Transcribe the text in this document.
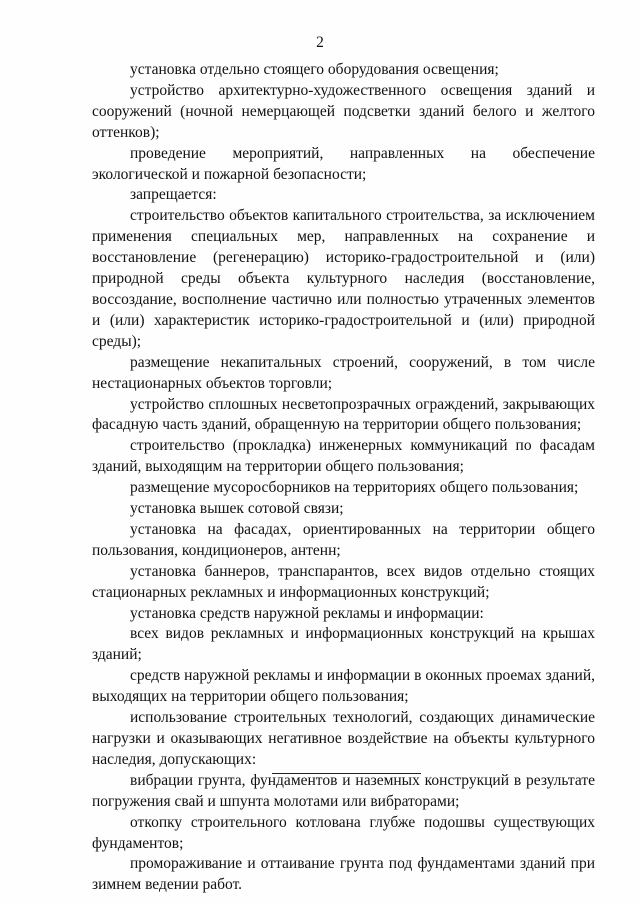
2

установка отдельно стоящего оборудования освещения;

устройство архитектурно-художественного освещения зданий и сооружений (ночной немерцающей подсветки зданий белого и желтого оттенков);

проведение мероприятий, направленных на обеспечение экологической и пожарной безопасности;

запрещается:

строительство объектов капитального строительства, за исключением применения специальных мер, направленных на сохранение и восстановление (регенерацию) историко-градостроительной и (или) природной среды объекта культурного наследия (восстановление, воссоздание, восполнение частично или полностью утраченных элементов и (или) характеристик историко-градостроительной и (или) природной среды);

размещение некапитальных строений, сооружений, в том числе нестационарных объектов торговли;

устройство сплошных несветопрозрачных ограждений, закрывающих фасадную часть зданий, обращенную на территории общего пользования;

строительство (прокладка) инженерных коммуникаций по фасадам зданий, выходящим на территории общего пользования;

размещение мусоросборников на территориях общего пользования;

установка вышек сотовой связи;

установка на фасадах, ориентированных на территории общего пользования, кондиционеров, антенн;

установка баннеров, транспарантов, всех видов отдельно стоящих стационарных рекламных и информационных конструкций;

установка средств наружной рекламы и информации:

всех видов рекламных и информационных конструкций на крышах зданий;

средств наружной рекламы и информации в оконных проемах зданий, выходящих на территории общего пользования;

использование строительных технологий, создающих динамические нагрузки и оказывающих негативное воздействие на объекты культурного наследия, допускающих:

вибрации грунта, фундаментов и наземных конструкций в результате погружения свай и шпунта молотами или вибраторами;

откопку строительного котлована глубже подошвы существующих фундаментов;

промораживание и оттаивание грунта под фундаментами зданий при зимнем ведении работ.
